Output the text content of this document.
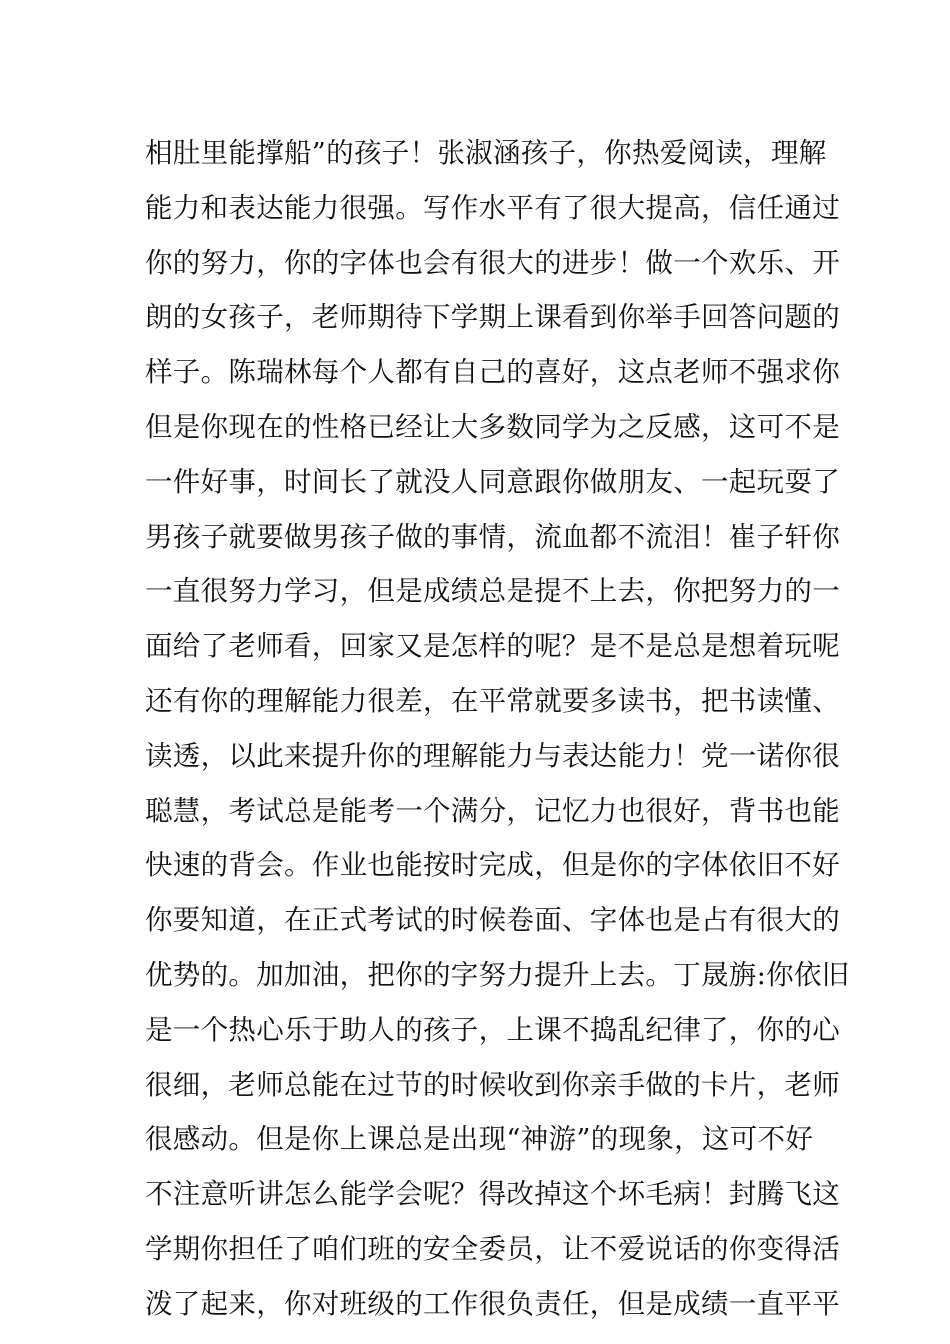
相肚里能撑船”的孩子！张淑涵孩子，你热爱阅读，理解
能力和表达能力很强。写作水平有了很大提高，信任通过
你的努力，你的字体也会有很大的进步！做一个欢乐、开
朗的女孩子，老师期待下学期上课看到你举手回答问题的
样子。陈瑞林每个人都有自己的喜好，这点老师不强求你
但是你现在的性格已经让大多数同学为之反感，这可不是
一件好事，时间长了就没人同意跟你做朋友、一起玩耍了
男孩子就要做男孩子做的事情，流血都不流泪！崔子轩你
一直很努力学习，但是成绩总是提不上去，你把努力的一
面给了老师看，回家又是怎样的呢？是不是总是想着玩呢
还有你的理解能力很差，在平常就要多读书，把书读懂、
读透，以此来提升你的理解能力与表达能力！党一诺你很
聪慧，考试总是能考一个满分，记忆力也很好，背书也能
快速的背会。作业也能按时完成，但是你的字体依旧不好
你要知道，在正式考试的时候卷面、字体也是占有很大的
优势的。加加油，把你的字努力提升上去。丁晟旃:你依旧
是一个热心乐于助人的孩子，上课不捣乱纪律了，你的心
很细，老师总能在过节的时候收到你亲手做的卡片，老师
很感动。但是你上课总是出现“神游”的现象，这可不好
不注意听讲怎么能学会呢？得改掉这个坏毛病！封腾飞这
学期你担任了咱们班的安全委员，让不爱说话的你变得活
泼了起来，你对班级的工作很负责任，但是成绩一直平平
